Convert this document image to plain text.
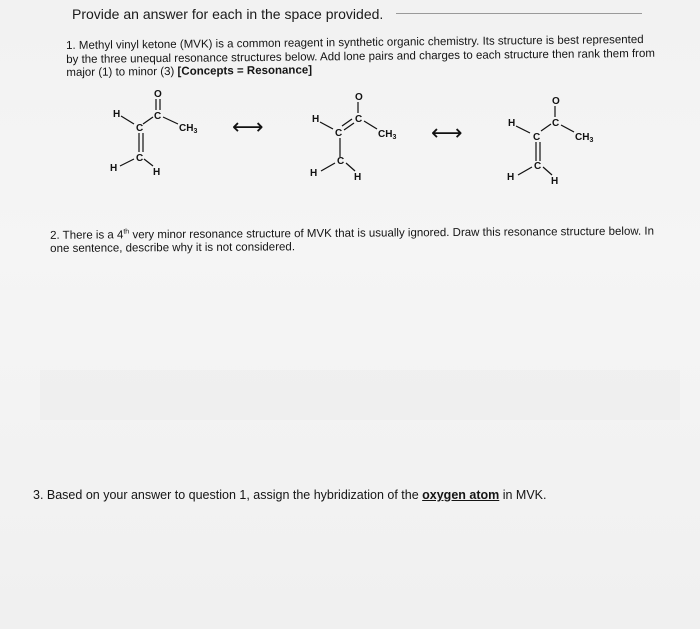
Provide an answer for each in the space provided.
1. Methyl vinyl ketone (MVK) is a common reagent in synthetic organic chemistry. Its structure is best represented by the three unequal resonance structures below. Add lone pairs and charges to each structure then rank them from major (1) to minor (3) [Concepts = Resonance]
O
C
$CH_3$
C
H
C
H	H
⟷
O
C
$CH_3$
C
H
C
H	H
⟷
O
C
$CH_3$
C
H
C
H	H
2. There is a 4th very minor resonance structure of MVK that is usually ignored. Draw this resonance structure below. In one sentence, describe why it is not considered.
3. Based on your answer to question 1, assign the hybridization of the oxygen atom in MVK.
